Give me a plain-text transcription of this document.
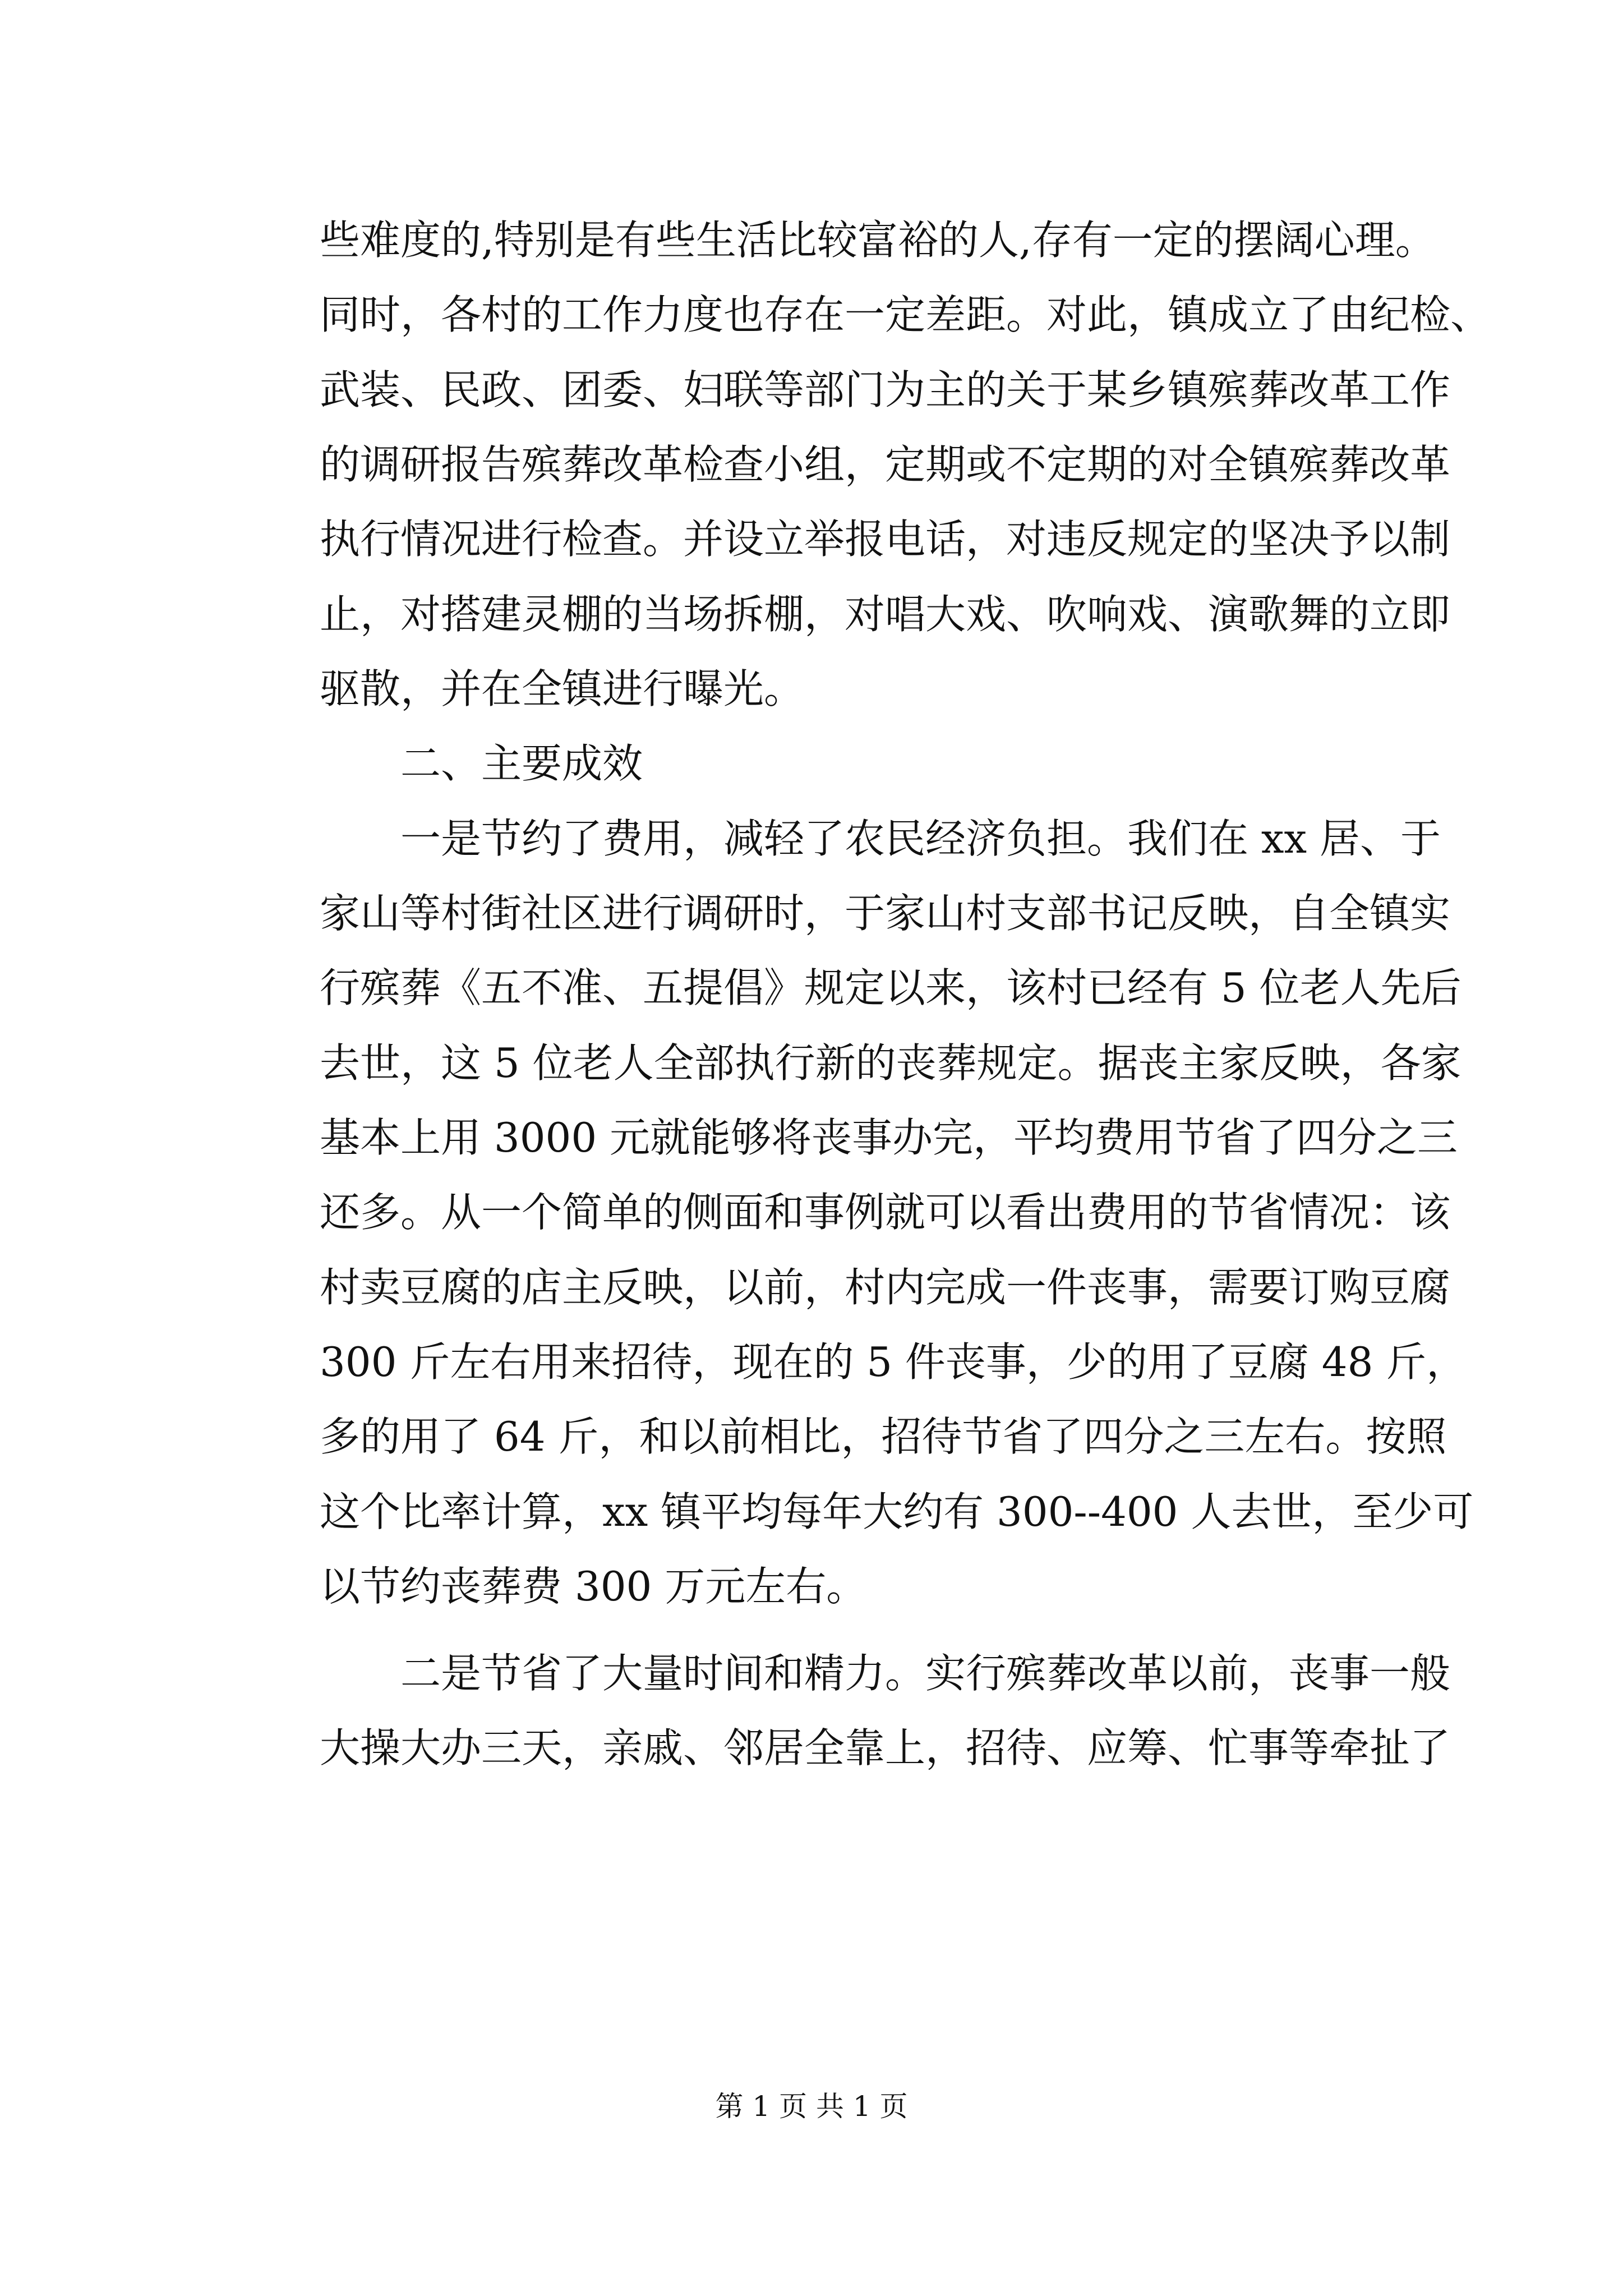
些难度的,特别是有些生活比较富裕的人,存有一定的摆阔心理。
同时，各村的工作力度也存在一定差距。对此，镇成立了由纪检、
武装、民政、团委、妇联等部门为主的关于某乡镇殡葬改革工作
的调研报告殡葬改革检查小组，定期或不定期的对全镇殡葬改革
执行情况进行检查。并设立举报电话，对违反规定的坚决予以制
止，对搭建灵棚的当场拆棚，对唱大戏、吹响戏、演歌舞的立即
驱散，并在全镇进行曝光。
　　二、主要成效
　　一是节约了费用，减轻了农民经济负担。我们在 xx 居、于
家山等村街社区进行调研时，于家山村支部书记反映，自全镇实
行殡葬《五不准、五提倡》规定以来，该村已经有 5 位老人先后
去世，这 5 位老人全部执行新的丧葬规定。据丧主家反映，各家
基本上用 3000 元就能够将丧事办完，平均费用节省了四分之三
还多。从一个简单的侧面和事例就可以看出费用的节省情况：该
村卖豆腐的店主反映，以前，村内完成一件丧事，需要订购豆腐
300 斤左右用来招待，现在的 5 件丧事，少的用了豆腐 48 斤，
多的用了 64 斤，和以前相比，招待节省了四分之三左右。按照
这个比率计算，xx 镇平均每年大约有 300--400 人去世，至少可
以节约丧葬费 300 万元左右。
　　二是节省了大量时间和精力。实行殡葬改革以前，丧事一般
大操大办三天，亲戚、邻居全靠上，招待、应筹、忙事等牵扯了
第 1 页 共 1 页
